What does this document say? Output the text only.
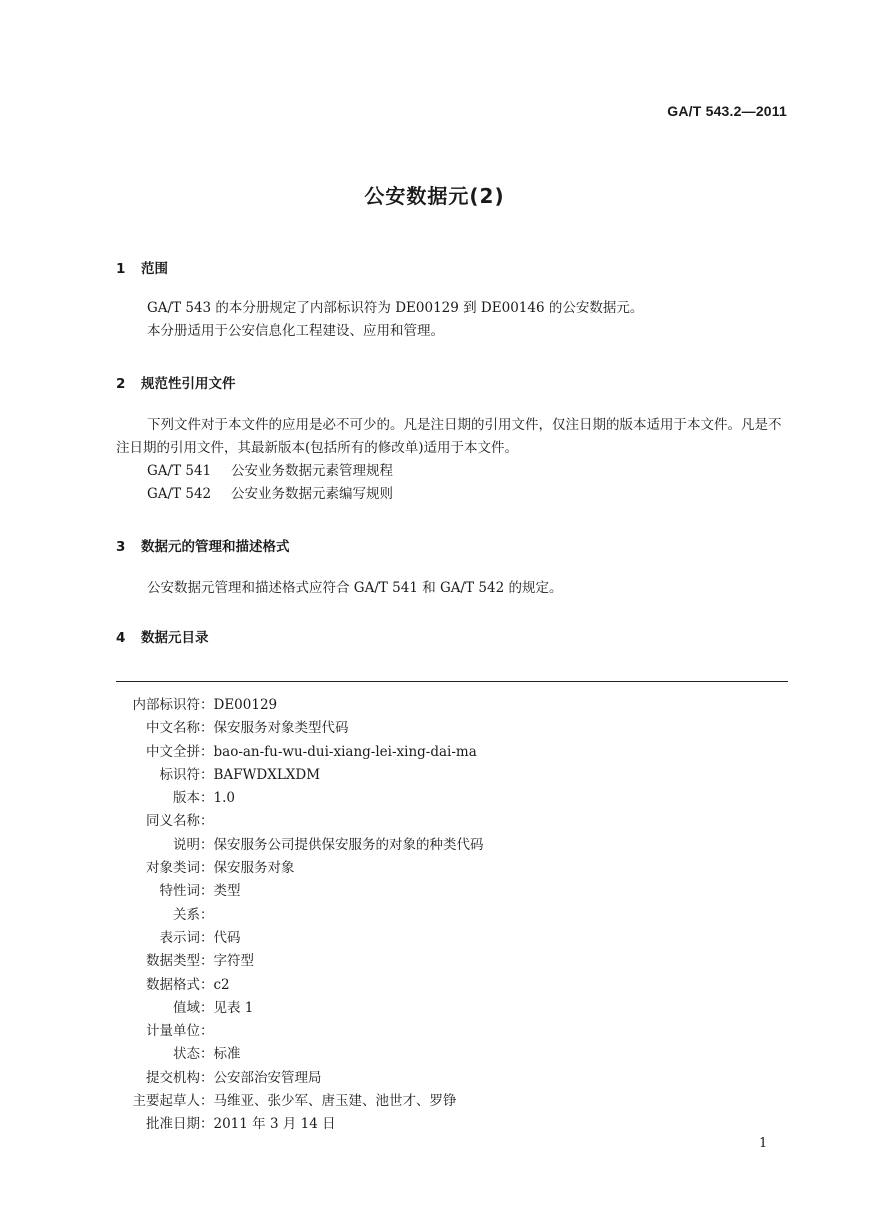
GA/T 543.2—2011
公安数据元(2)
1 范围

GA/T 543 的本分册规定了内部标识符为 DE00129 到 DE00146 的公安数据元。

本分册适用于公安信息化工程建设、应用和管理。

2 规范性引用文件

下列文件对于本文件的应用是必不可少的。凡是注日期的引用文件，仅注日期的版本适用于本文件。凡是不注日期的引用文件，其最新版本(包括所有的修改单)适用于本文件。

GA/T 541 公安业务数据元素管理规程

GA/T 542 公安业务数据元素编写规则

3 数据元的管理和描述格式

公安数据元管理和描述格式应符合 GA/T 541 和 GA/T 542 的规定。

4 数据元目录
内部标识符：DE00129
中文名称：保安服务对象类型代码
中文全拼：bao-an-fu-wu-dui-xiang-lei-xing-dai-ma
标识符：BAFWDXLXDM
版本：1.0
同义名称：
说明：保安服务公司提供保安服务的对象的种类代码
对象类词：保安服务对象
特性词：类型
关系：
表示词：代码
数据类型：字符型
数据格式：c2
值域：见表 1
计量单位：
状态：标准
提交机构：公安部治安管理局
主要起草人：马维亚、张少军、唐玉建、池世才、罗铮
批准日期：2011 年 3 月 14 日
1
